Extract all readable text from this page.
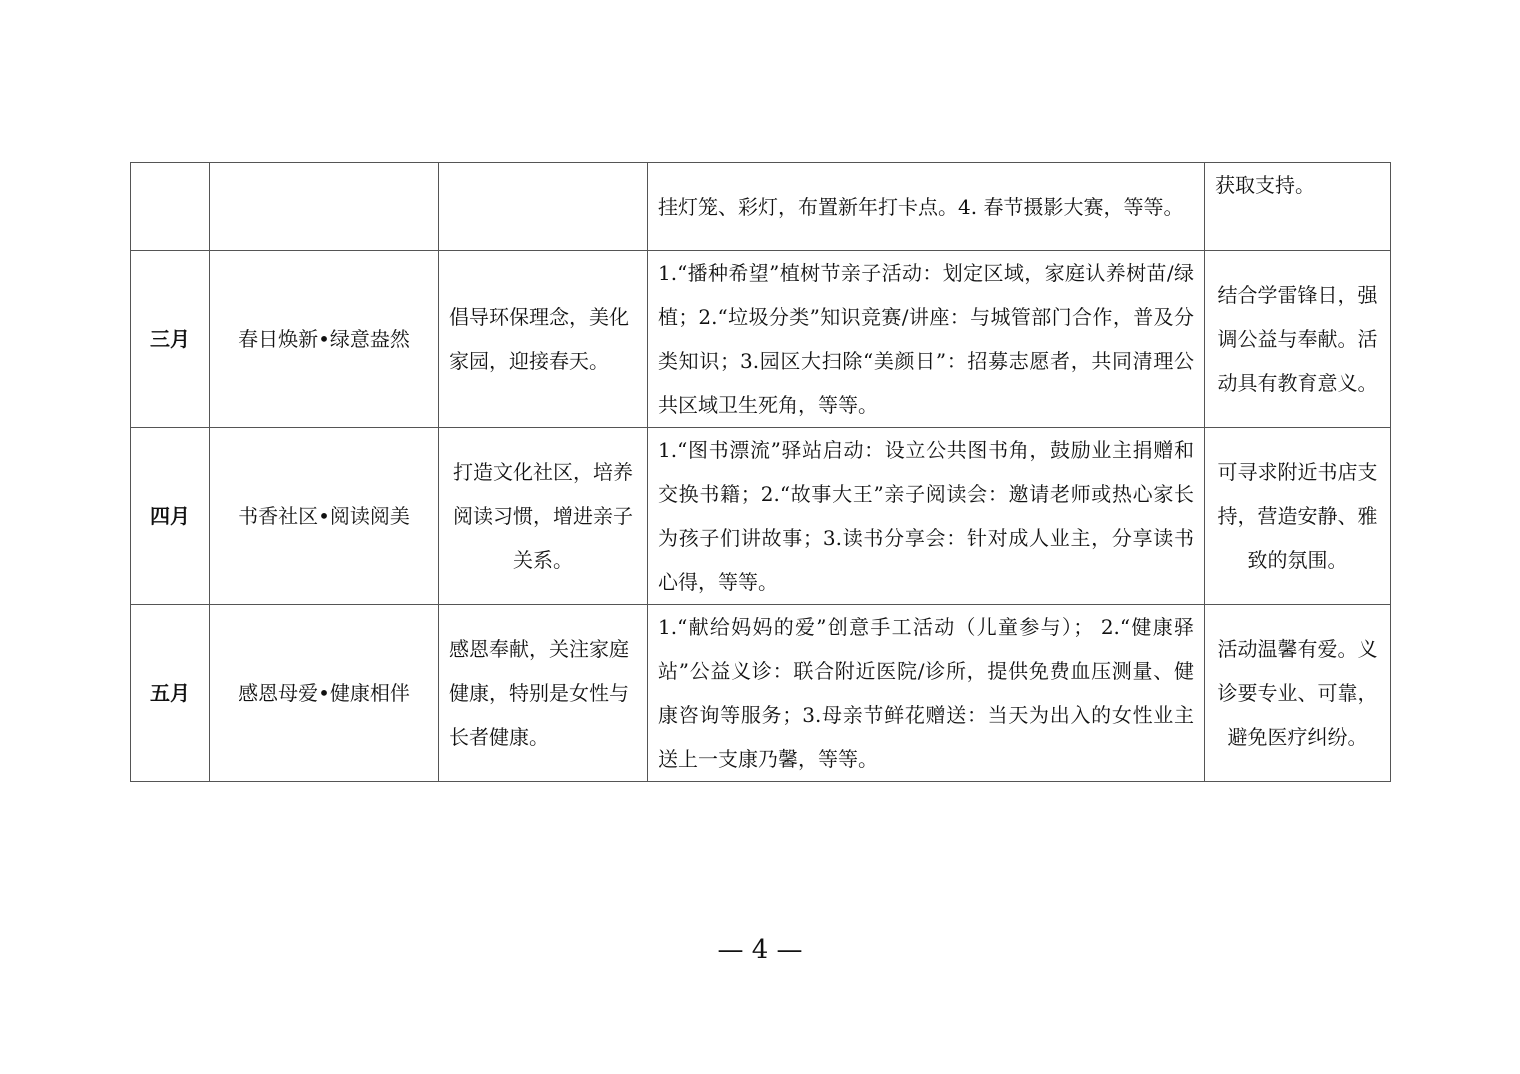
			挂灯笼、彩灯，布置新年打卡点。4. 春节摄影大赛，等等。	获取支持。
三月	春日焕新•绿意盎然	倡导环保理念，美化家园，迎接春天。	1.“播种希望”植树节亲子活动：划定区域，家庭认养树苗/绿植；2.“垃圾分类”知识竞赛/讲座：与城管部门合作，普及分类知识；3.园区大扫除“美颜日”：招募志愿者，共同清理公共区域卫生死角，等等。	结合学雷锋日，强调公益与奉献。活动具有教育意义。
四月	书香社区•阅读阅美	打造文化社区，培养阅读习惯，增进亲子关系。	1.“图书漂流”驿站启动：设立公共图书角，鼓励业主捐赠和交换书籍；2.“故事大王”亲子阅读会：邀请老师或热心家长为孩子们讲故事；3.读书分享会：针对成人业主，分享读书心得，等等。	可寻求附近书店支持，营造安静、雅致的氛围。
五月	感恩母爱•健康相伴	感恩奉献，关注家庭健康，特别是女性与长者健康。	1.“献给妈妈的爱”创意手工活动（儿童参与）； 2.“健康驿站”公益义诊：联合附近医院/诊所，提供免费血压测量、健康咨询等服务；3.母亲节鲜花赠送：当天为出入的女性业主送上一支康乃馨，等等。	活动温馨有爱。义诊要专业、可靠，避免医疗纠纷。
— 4 —
